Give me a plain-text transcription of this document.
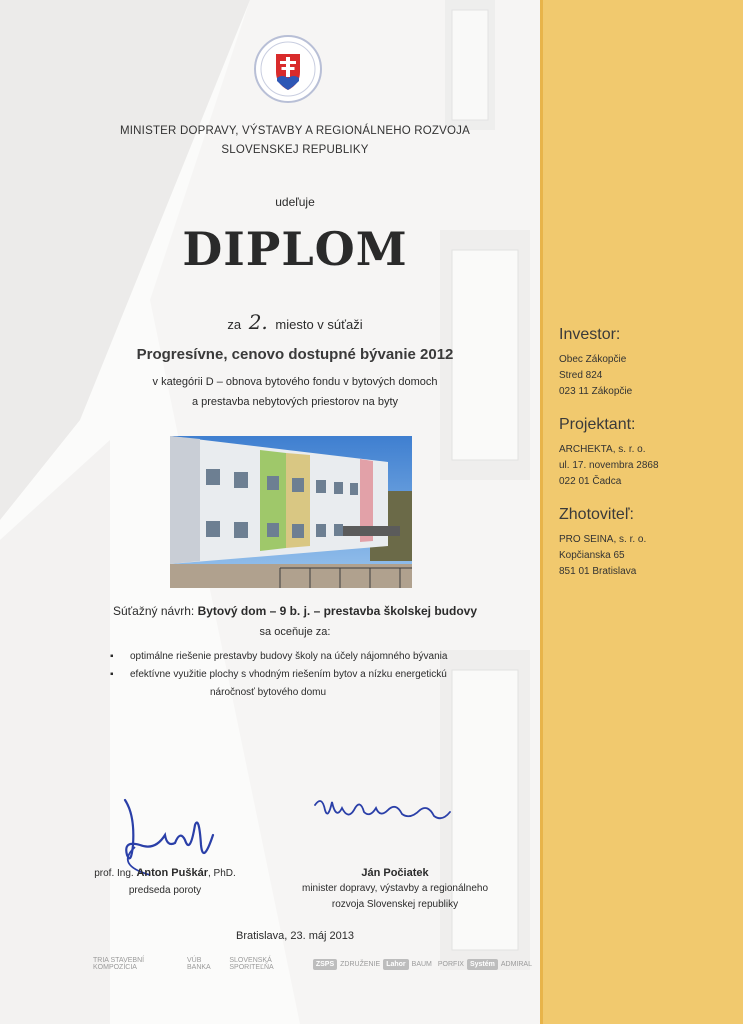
MINISTER DOPRAVY, VÝSTAVBY A REGIONÁLNEHO ROZVOJA
SLOVENSKEJ REPUBLIKY
udeľuje
DIPLOM
za 2. miesto v súťaži
Progresívne, cenovo dostupné bývanie 2012
v kategórii D – obnova bytového fondu v bytových domoch
a prestavba nebytových priestorov na byty
Súťažný návrh: Bytový dom – 9 b. j. – prestavba školskej budovy
sa oceňuje za:
▪	optimálne riešenie prestavby budovy školy na účely nájomného bývania
▪	efektívne využitie plochy s vhodným riešením bytov a nízku energetickú
náročnosť bytového domu
prof. Ing. Anton Puškár, PhD.
predseda poroty
Ján Počiatek
minister dopravy, výstavby a regionálneho
rozvoja Slovenskej republiky
Bratislava, 23. máj 2013
TRIA STAVEBNÍ KOMPOZÍCIA
VÚB BANKA
SLOVENSKÁ SPORITEĽŇA	ZSPS ZDRUŽENIE Lahor BAUM PORFIX Systém ADMIRAL
Investor:
Obec Zákopčie
Stred 824
023 11 Zákopčie
Projektant:
ARCHEKTA, s. r. o.
ul. 17. novembra 2868
022 01 Čadca
Zhotoviteľ:
PRO SEINA, s. r. o.
Kopčianska 65
851 01 Bratislava
